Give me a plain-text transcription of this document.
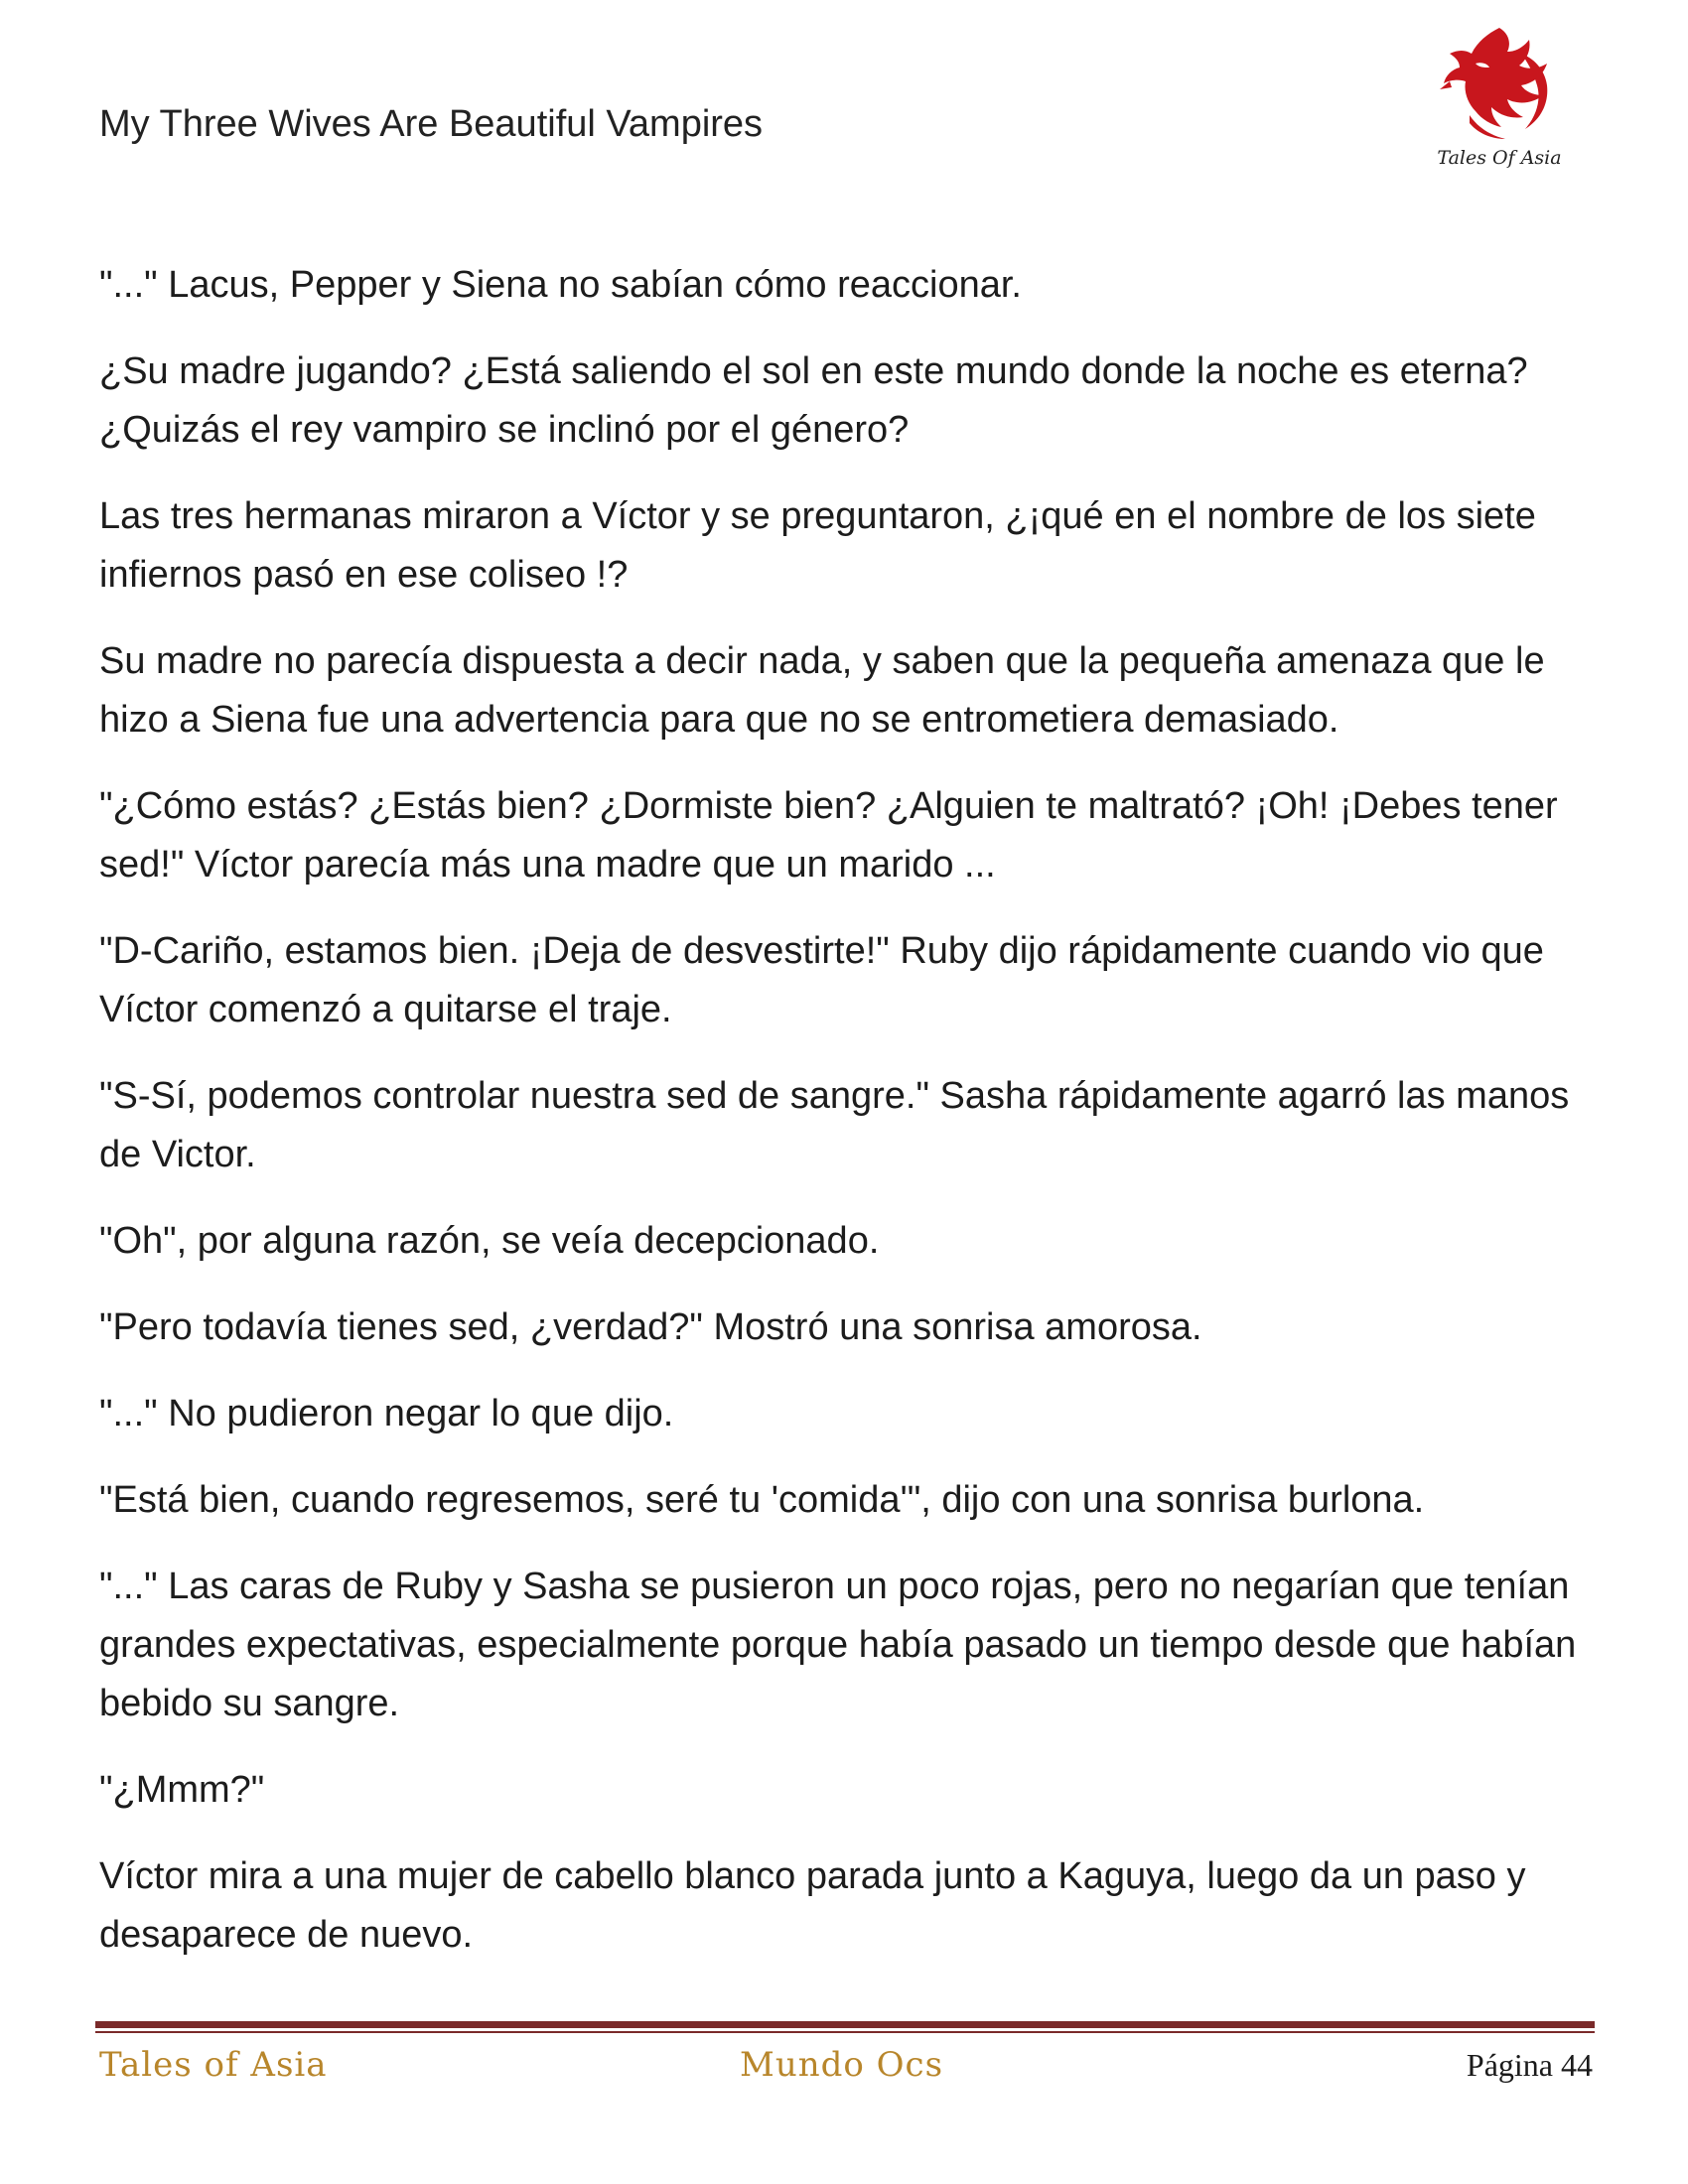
My Three Wives Are Beautiful Vampires
Tales Of Asia

"..." Lacus, Pepper y Siena no sabían cómo reaccionar.

¿Su madre jugando? ¿Está saliendo el sol en este mundo donde la noche es eterna? ¿Quizás el rey vampiro se inclinó por el género?

Las tres hermanas miraron a Víctor y se preguntaron, ¿¡qué en el nombre de los siete infiernos pasó en ese coliseo !?

Su madre no parecía dispuesta a decir nada, y saben que la pequeña amenaza que le hizo a Siena fue una advertencia para que no se entrometiera demasiado.

"¿Cómo estás? ¿Estás bien? ¿Dormiste bien? ¿Alguien te maltrató? ¡Oh! ¡Debes tener sed!" Víctor parecía más una madre que un marido ...

"D-Cariño, estamos bien. ¡Deja de desvestirte!" Ruby dijo rápidamente cuando vio que Víctor comenzó a quitarse el traje.

"S-Sí, podemos controlar nuestra sed de sangre." Sasha rápidamente agarró las manos de Victor.

"Oh", por alguna razón, se veía decepcionado.

"Pero todavía tienes sed, ¿verdad?" Mostró una sonrisa amorosa.

"..." No pudieron negar lo que dijo.

"Está bien, cuando regresemos, seré tu 'comida'", dijo con una sonrisa burlona.

"..." Las caras de Ruby y Sasha se pusieron un poco rojas, pero no negarían que tenían grandes expectativas, especialmente porque había pasado un tiempo desde que habían bebido su sangre.

"¿Mmm?"

Víctor mira a una mujer de cabello blanco parada junto a Kaguya, luego da un paso y desaparece de nuevo.

Tales of Asia	Mundo Ocs	Página 44
